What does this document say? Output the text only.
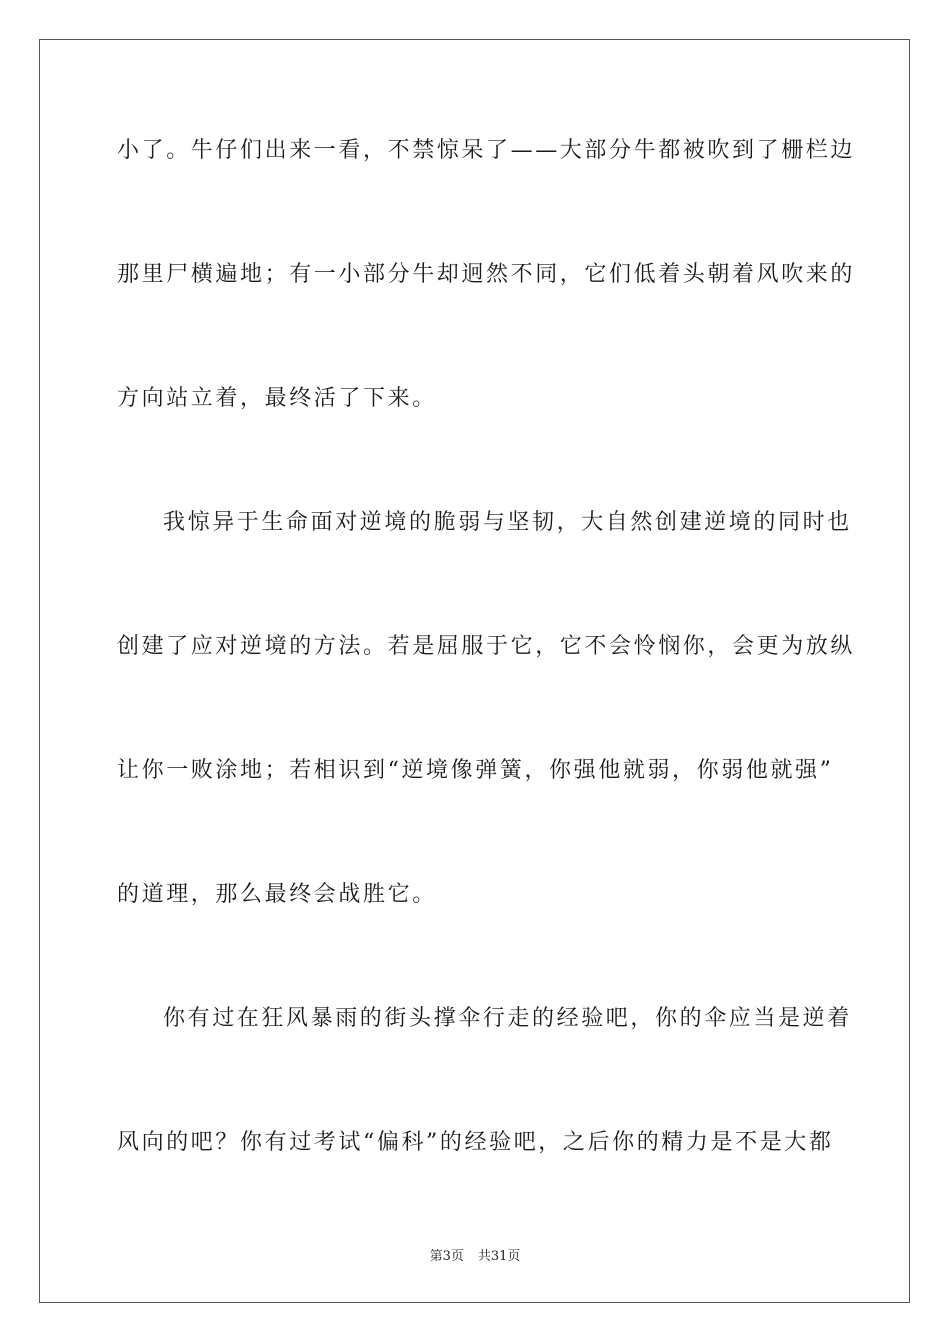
小了。牛仔们出来一看，不禁惊呆了——大部分牛都被吹到了栅栏边
那里尸横遍地；有一小部分牛却迥然不同，它们低着头朝着风吹来的
方向站立着，最终活了下来。
我惊异于生命面对逆境的脆弱与坚韧，大自然创建逆境的同时也
创建了应对逆境的方法。若是屈服于它，它不会怜悯你，会更为放纵
让你一败涂地；若相识到“逆境像弹簧，你强他就弱，你弱他就强”
的道理，那么最终会战胜它。
你有过在狂风暴雨的街头撑伞行走的经验吧，你的伞应当是逆着
风向的吧？你有过考试“偏科”的经验吧，之后你的精力是不是大都
第3页 共31页
